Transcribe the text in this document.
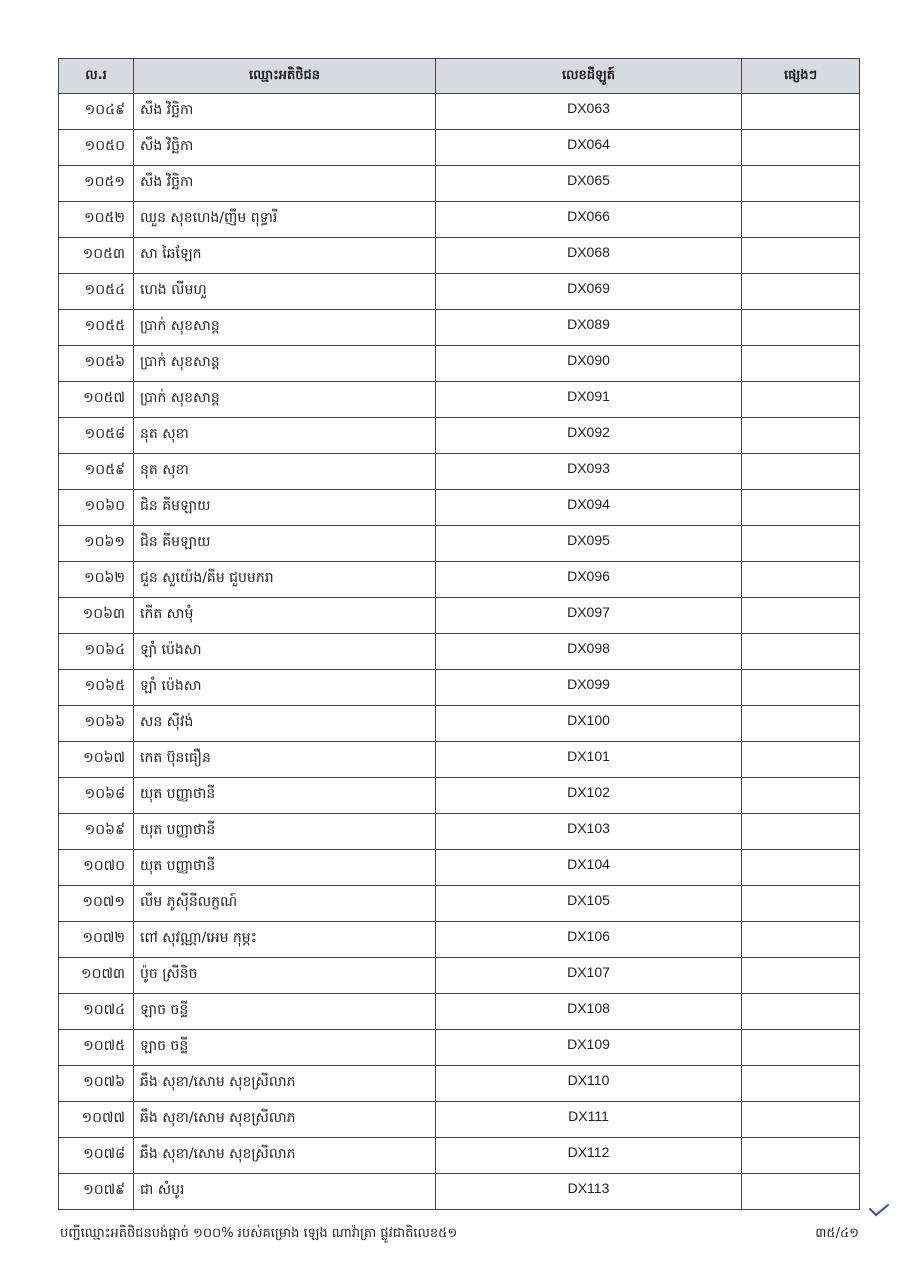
ល.រ	ឈ្មោះអតិថិជន	លេខដីឡូត៍	ផ្សេងៗ
១០៤៩	សឹង វិច្ឆិកា	DX063	
១០៥០	សឹង វិច្ឆិកា	DX064	
១០៥១	សឹង វិច្ឆិកា	DX065	
១០៥២	ឈួន សុខហេង/ញឹម ពុទ្ធារី	DX066	
១០៥៣	សា ឆៃឡែក	DX068	
១០៥៤	ហេង លីមហួ	DX069	
១០៥៥	ប្រាក់ សុខសាន្ត	DX089	
១០៥៦	ប្រាក់ សុខសាន្ត	DX090	
១០៥៧	ប្រាក់ សុខសាន្ត	DX091	
១០៥៨	នុត សុខា	DX092	
១០៥៩	នុត សុខា	DX093	
១០៦០	ជិន គីមឡាយ	DX094	
១០៦១	ជិន គីមឡាយ	DX095	
១០៦២	ជួន សួយ៉េង/គីម ជួបមករា	DX096	
១០៦៣	កើត សាមុំ	DX097	
១០៦៤	ឡាំ ប៉េងសា	DX098	
១០៦៥	ឡាំ ប៉េងសា	DX099	
១០៦៦	សន ស៊ីវង់	DX100	
១០៦៧	កេត ប៊ុនធឿន	DX101	
១០៦៨	យុត បញ្ញាថានី	DX102	
១០៦៩	យុត បញ្ញាថានី	DX103	
១០៧០	យុត បញ្ញាថានី	DX104	
១០៧១	លឹម ភូស៊ីនីលក្ខណ៍	DX105	
១០៧២	ពៅ សុវណ្ណា/អេម កុម្ភះ	DX106	
១០៧៣	ប៉ូច ស្រីនិច	DX107	
១០៧៤	ឡាច ចន្ទី	DX108	
១០៧៥	ឡាច ចន្ទី	DX109	
១០៧៦	ឆឹង សុខា/សោម សុខស្រីលាភ	DX110	
១០៧៧	ឆឹង សុខា/សោម សុខស្រីលាភ	DX111	
១០៧៨	ឆឹង សុខា/សោម សុខស្រីលាភ	DX112	
១០៧៩	ជា សំបូរ	DX113	
បញ្ជីឈ្មោះអតិថិជនបង់ផ្ដាច់ ១០០% របស់គម្រោង ឡេង ណាវ៉ាត្រា ផ្លូវជាតិលេខ៥១	៣៥/៤១
